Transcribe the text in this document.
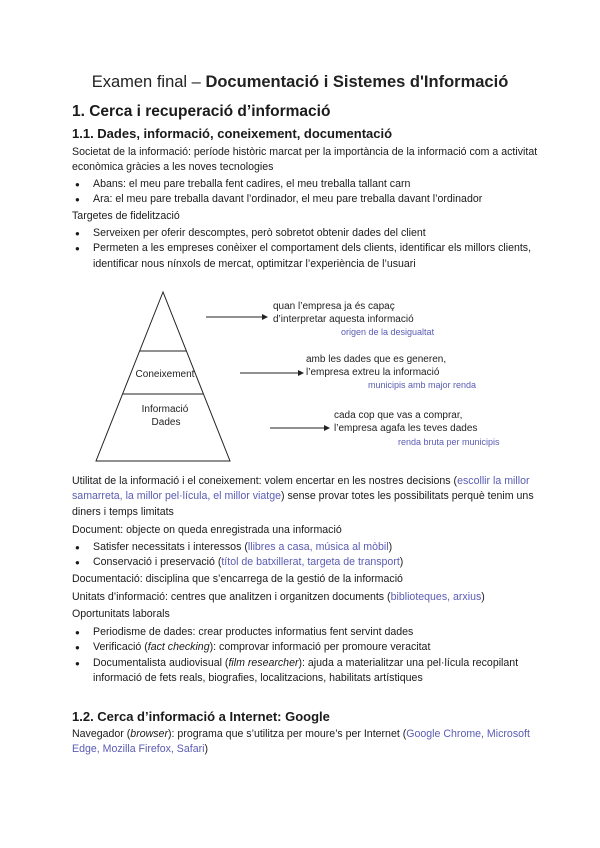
Examen final – Documentació i Sistemes d'Informació
1. Cerca i recuperació d’informació
1.1. Dades, informació, coneixement, documentació

Societat de la informació: període històric marcat per la importància de la informació com a activitat econòmica gràcies a les noves tecnologies

● Abans: el meu pare treballa fent cadires, el meu treballa tallant carn
● Ara: el meu pare treballa davant l’ordinador, el meu pare treballa davant l’ordinador

Targetes de fidelització

● Serveixen per oferir descomptes, però sobretot obtenir dades del client
● Permeten a les empreses conèixer el comportament dels clients, identificar els millors clients, identificar nous nínxols de mercat, optimitzar l’experiència de l’usuari
Coneixement
Informació
Dades
quan l’empresa ja és capaç
d’interpretar aquesta informació
origen de la desigualtat
amb les dades que es generen,
l’empresa extreu la informació
municipis amb major renda
cada cop que vas a comprar,
l’empresa agafa les teves dades
renda bruta per municipis

Utilitat de la informació i el coneixement: volem encertar en les nostres decisions (escollir la millor samarreta, la millor pel·lícula, el millor viatge) sense provar totes les possibilitats perquè tenim uns diners i temps limitats

Document: objecte on queda enregistrada una informació

● Satisfer necessitats i interessos (llibres a casa, música al mòbil)
● Conservació i preservació (títol de batxillerat, targeta de transport)

Documentació: disciplina que s’encarrega de la gestió de la informació

Unitats d’informació: centres que analitzen i organitzen documents (biblioteques, arxius)

Oportunitats laborals

● Periodisme de dades: crear productes informatius fent servint dades
● Verificació (fact checking): comprovar informació per promoure veracitat
● Documentalista audiovisual (film researcher): ajuda a materialitzar una pel·lícula recopilant informació de fets reals, biografies, localitzacions, habilitats artístiques
1.2. Cerca d’informació a Internet: Google

Navegador (browser): programa que s’utilitza per moure’s per Internet (Google Chrome, Microsoft Edge, Mozilla Firefox, Safari)
